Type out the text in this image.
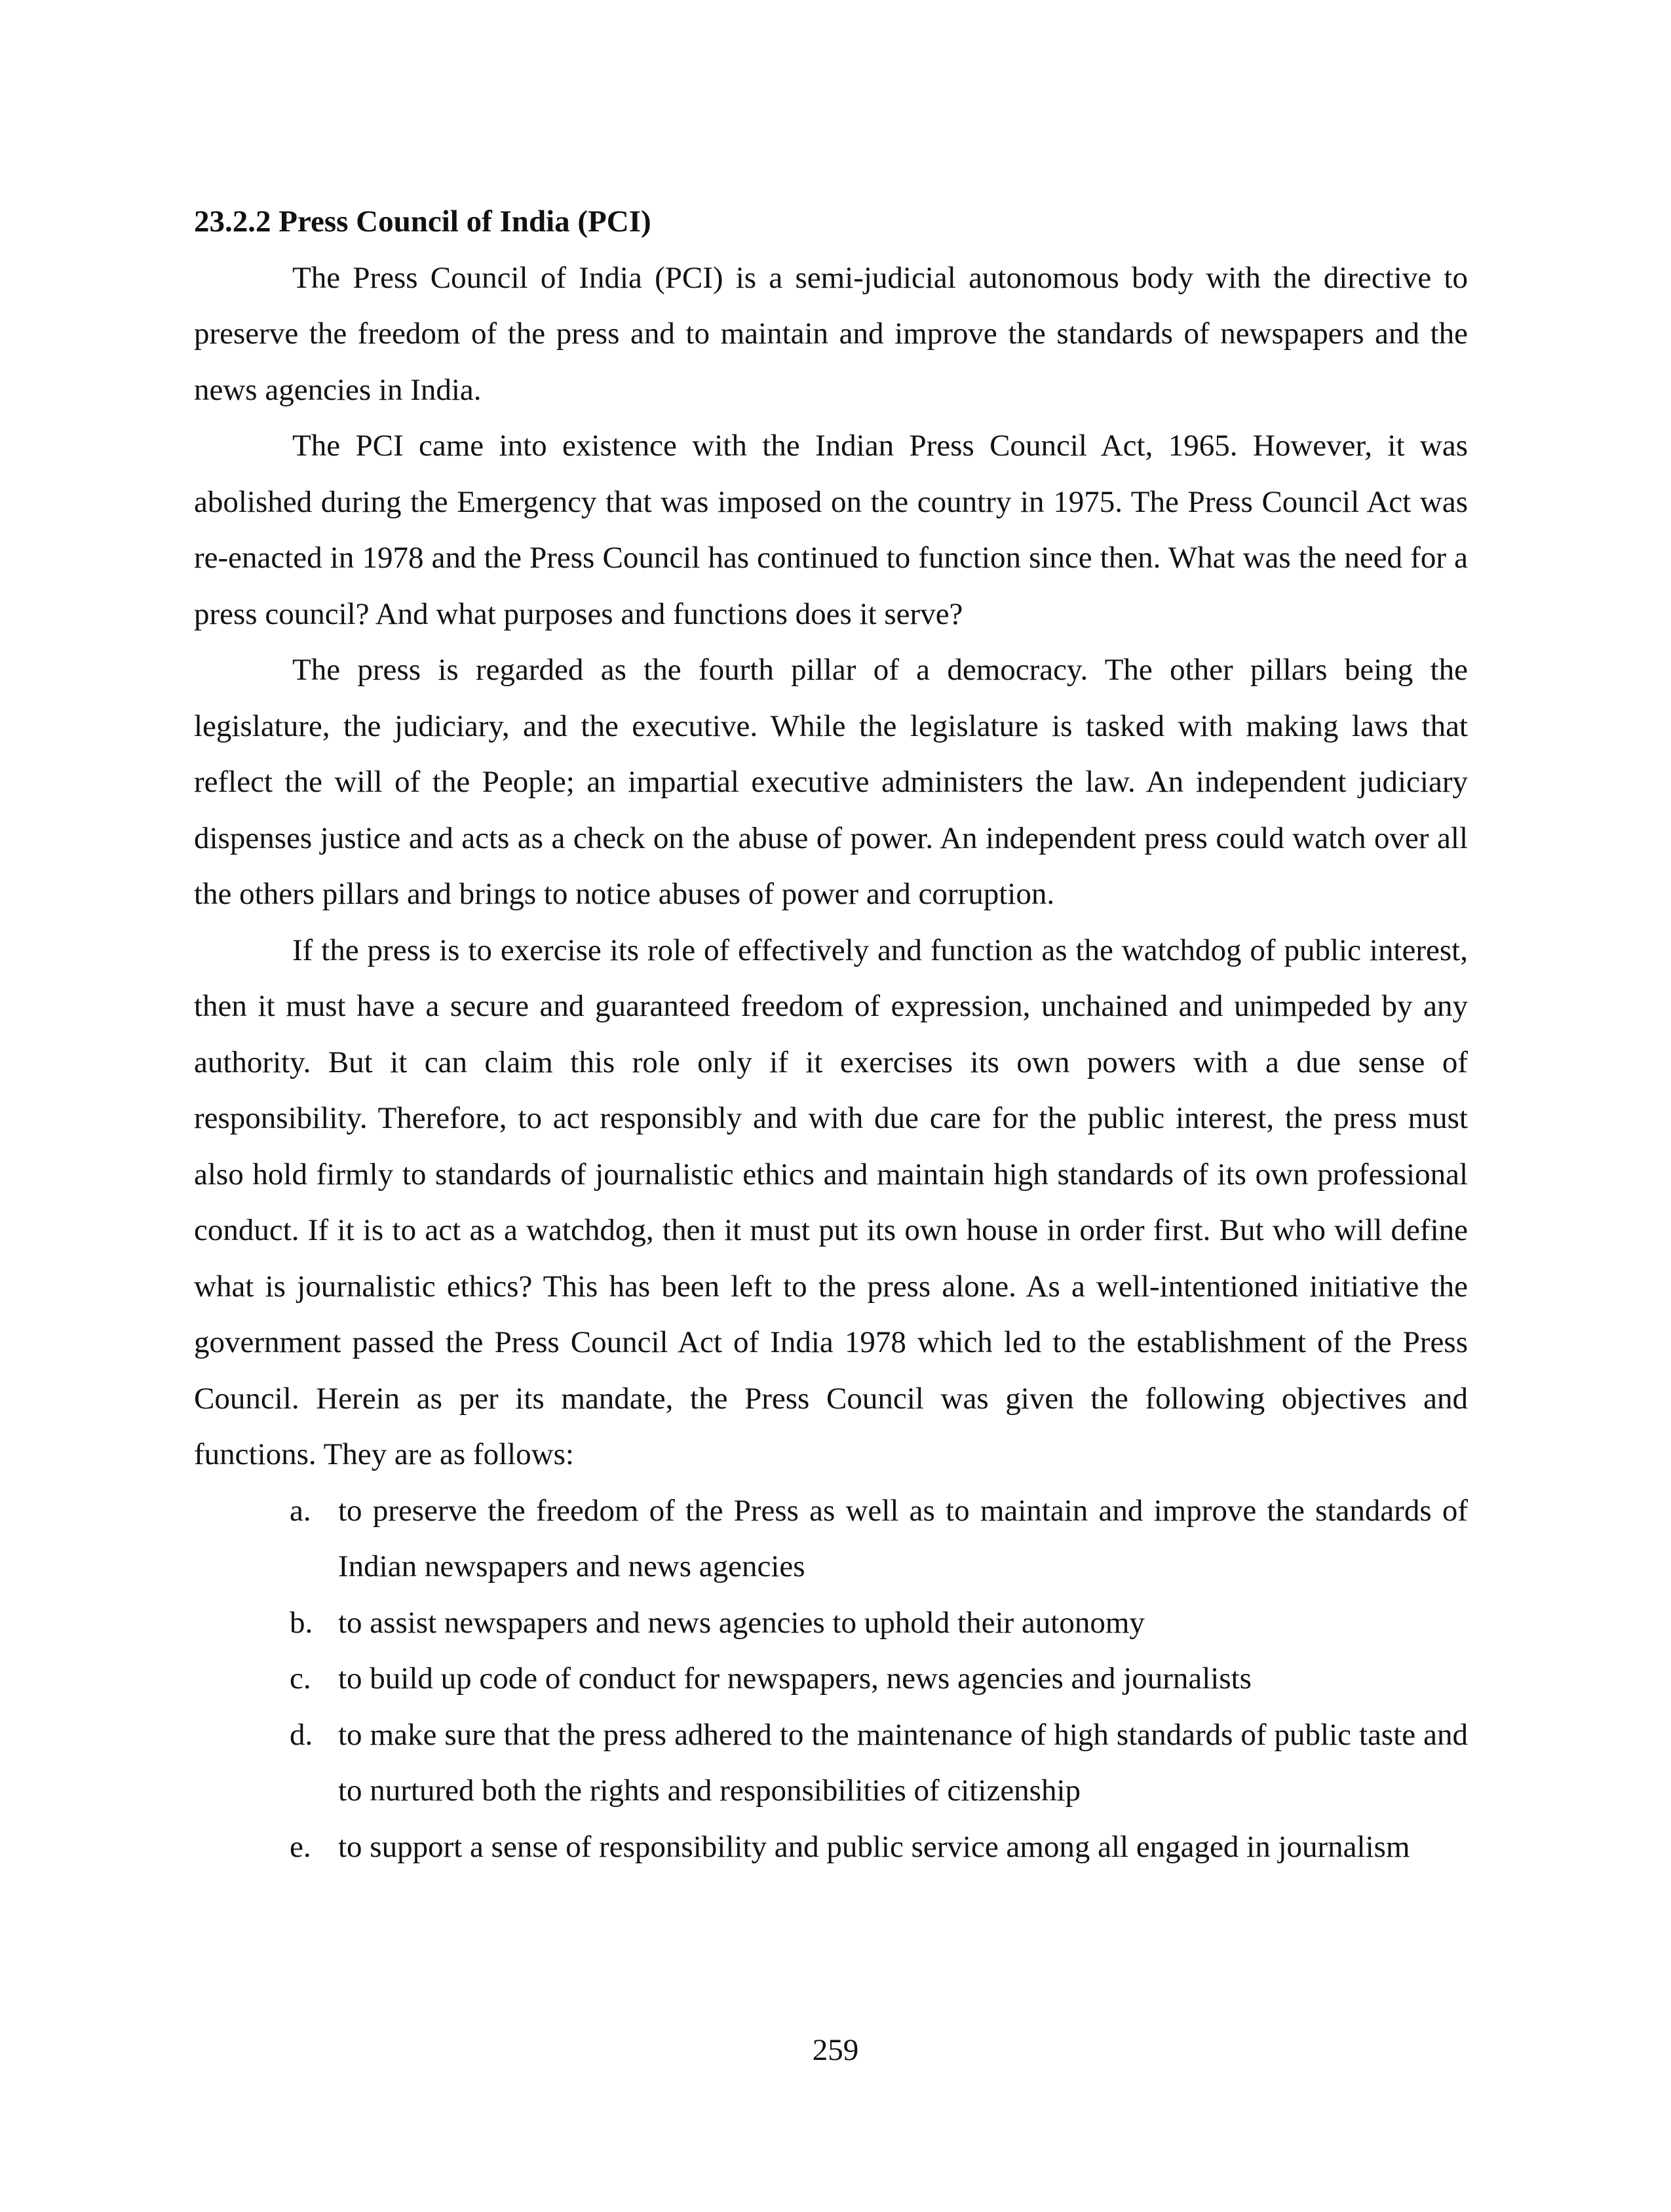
23.2.2 Press Council of India (PCI)

The Press Council of India (PCI) is a semi-judicial autonomous body with the directive to preserve the freedom of the press and to maintain and improve the standards of newspapers and the news agencies in India.

The PCI came into existence with the Indian Press Council Act, 1965. However, it was abolished during the Emergency that was imposed on the country in 1975. The Press Council Act was re-enacted in 1978 and the Press Council has continued to function since then. What was the need for a press council? And what purposes and functions does it serve?

The press is regarded as the fourth pillar of a democracy. The other pillars being the legislature, the judiciary, and the executive. While the legislature is tasked with making laws that reflect the will of the People; an impartial executive administers the law. An independent judiciary dispenses justice and acts as a check on the abuse of power. An independent press could watch over all the others pillars and brings to notice abuses of power and corruption.

If the press is to exercise its role of effectively and function as the watchdog of public interest, then it must have a secure and guaranteed freedom of expression, unchained and unimpeded by any authority. But it can claim this role only if it exercises its own powers with a due sense of responsibility. Therefore, to act responsibly and with due care for the public interest, the press must also hold firmly to standards of journalistic ethics and maintain high standards of its own professional conduct. If it is to act as a watchdog, then it must put its own house in order first. But who will define what is journalistic ethics? This has been left to the press alone. As a well-intentioned initiative the government passed the Press Council Act of India 1978 which led to the establishment of the Press Council. Herein as per its mandate, the Press Council was given the following objectives and functions. They are as follows:

a. to preserve the freedom of the Press as well as to maintain and improve the standards of Indian newspapers and news agencies
b. to assist newspapers and news agencies to uphold their autonomy
c. to build up code of conduct for newspapers, news agencies and journalists
d. to make sure that the press adhered to the maintenance of high standards of public taste and to nurtured both the rights and responsibilities of citizenship
e. to support a sense of responsibility and public service among all engaged in journalism
259
